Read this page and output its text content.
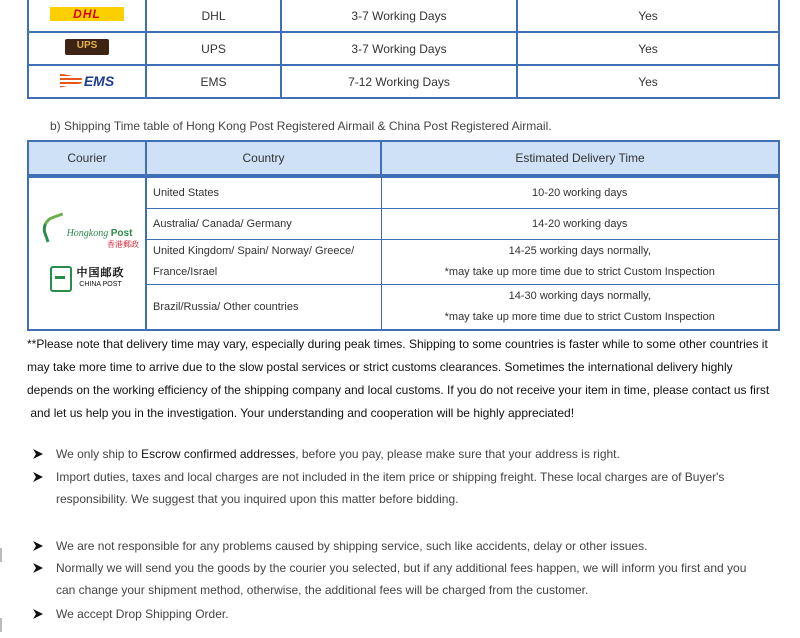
DHL	DHL	3-7 Working Days	Yes

UPS	UPS	3-7 Working Days	Yes

EMS	EMS	7-12 Working Days	Yes

b) Shipping Time table of Hong Kong Post Registered Airmail & China Post Registered Airmail.

Courier	Country	Estimated Delivery Time

Hongkong Post
香港郵政
中国邮政
CHINA POST	United States	10-20 working days
	Australia/ Canada/ Germany	14-20 working days
	United Kingdom/ Spain/ Norway/ Greece/
France/Israel	14-25 working days normally,
*may take up more time due to strict Custom Inspection
	Brazil/Russia/ Other countries	14-30 working days normally,
*may take up more time due to strict Custom Inspection

**Please note that delivery time may vary, especially during peak times. Shipping to some countries is faster while to some other countries it

may take more time to arrive due to the slow postal services or strict customs clearances. Sometimes the international delivery highly

depends on the working efficiency of the shipping company and local customs. If you do not receive your item in time, please contact us first

and let us help you in the investigation. Your understanding and cooperation will be highly appreciated!

We only ship to Escrow confirmed addresses, before you pay, please make sure that your address is right.
Import duties, taxes and local charges are not included in the item price or shipping freight. These local charges are of Buyer's
responsibility. We suggest that you inquired upon this matter before bidding.
We are not responsible for any problems caused by shipping service, such like accidents, delay or other issues.
Normally we will send you the goods by the courier you selected, but if any additional fees happen, we will inform you first and you
can change your shipment method, otherwise, the additional fees will be charged from the customer.
We accept Drop Shipping Order.
